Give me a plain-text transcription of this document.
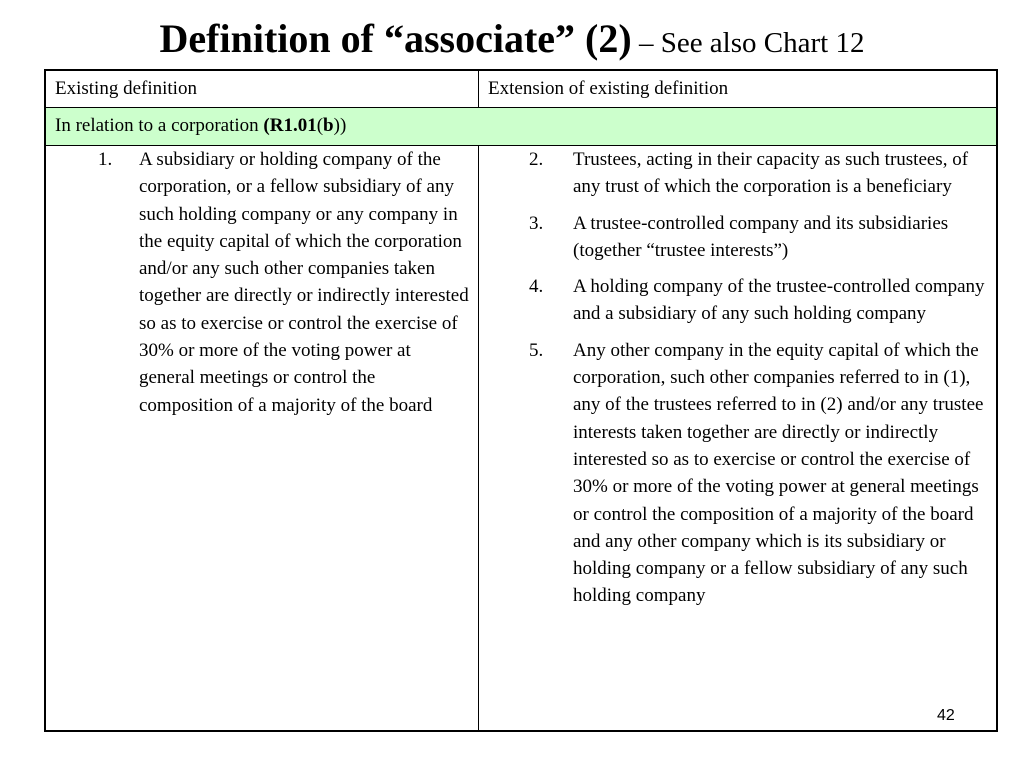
Definition of “associate” (2) – See also Chart 12
Existing definition	Extension of existing definition
In relation to a corporation (R1.01(b))
1. A subsidiary or holding company of the corporation, or a fellow subsidiary of any such holding company or any company in the equity capital of which the corporation and/or any such other companies taken together are directly or indirectly interested so as to exercise or control the exercise of 30% or more of the voting power at general meetings or control the composition of a majority of the board
2. Trustees, acting in their capacity as such trustees, of any trust of which the corporation is a beneficiary
3. A trustee-controlled company and its subsidiaries (together “trustee interests”)
4. A holding company of the trustee-controlled company and a subsidiary of any such holding company
5. Any other company in the equity capital of which the corporation, such other companies referred to in (1), any of the trustees referred to in (2) and/or any trustee interests taken together are directly or indirectly interested so as to exercise or control the exercise of 30% or more of the voting power at general meetings or control the composition of a majority of the board and any other company which is its subsidiary or holding company or a fellow subsidiary of any such holding company
42
